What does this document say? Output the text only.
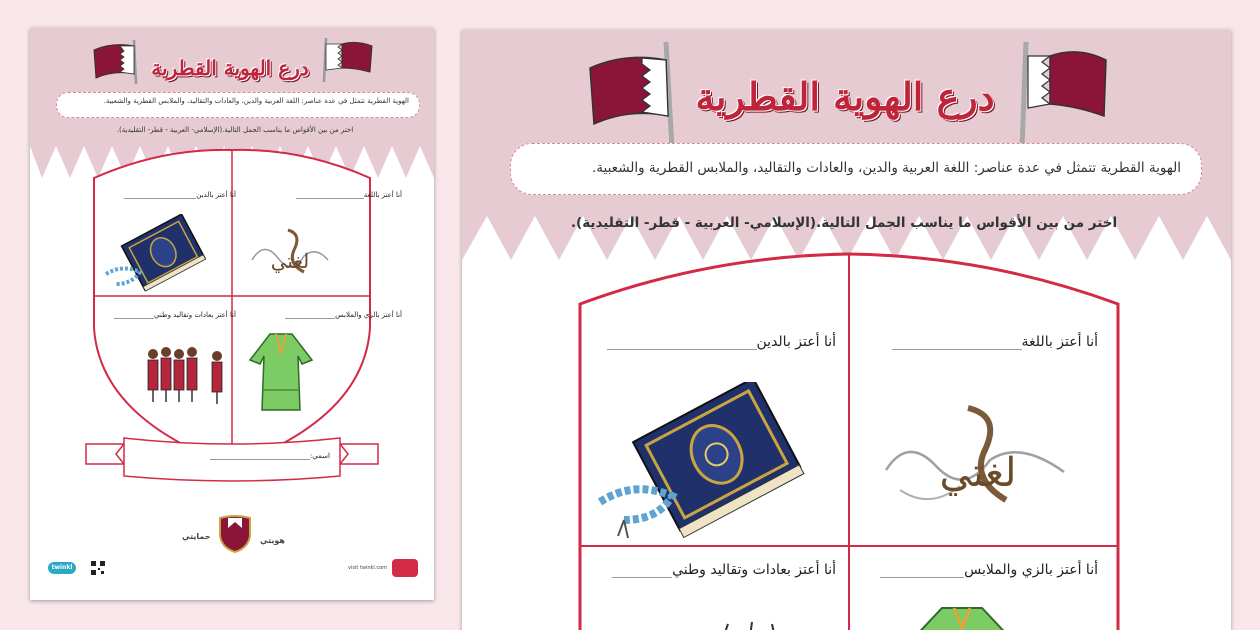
درع الهوية القطرية
الهوية القطرية تتمثل في عدة عناصر: اللغة العربية والدين، والعادات والتقاليد، والملابس القطرية والشعبية.
اختر من بين الأقواس ما يناسب الجمل التالية.(الإسلامي- العربية - قطر- التقليدية).
أنا أعتز باللغة
أنا أعتز بالدين
أنا أعتز بالزي والملابس
أنا أعتز بعادات وتقاليد وطني
لغتي
اسمي:
هويتي
حمايتي
twinkl	visit twinkl.com
درع الهوية القطرية
الهوية القطرية تتمثل في عدة عناصر: اللغة العربية والدين، والعادات والتقاليد، والملابس القطرية والشعبية.
اختر من بين الأقواس ما يناسب الجمل التالية.(الإسلامي- العربية - قطر- التقليدية).
أنا أعتز باللغة
أنا أعتز بالدين
أنا أعتز بالزي والملابس
أنا أعتز بعادات وتقاليد وطني
لغتي
